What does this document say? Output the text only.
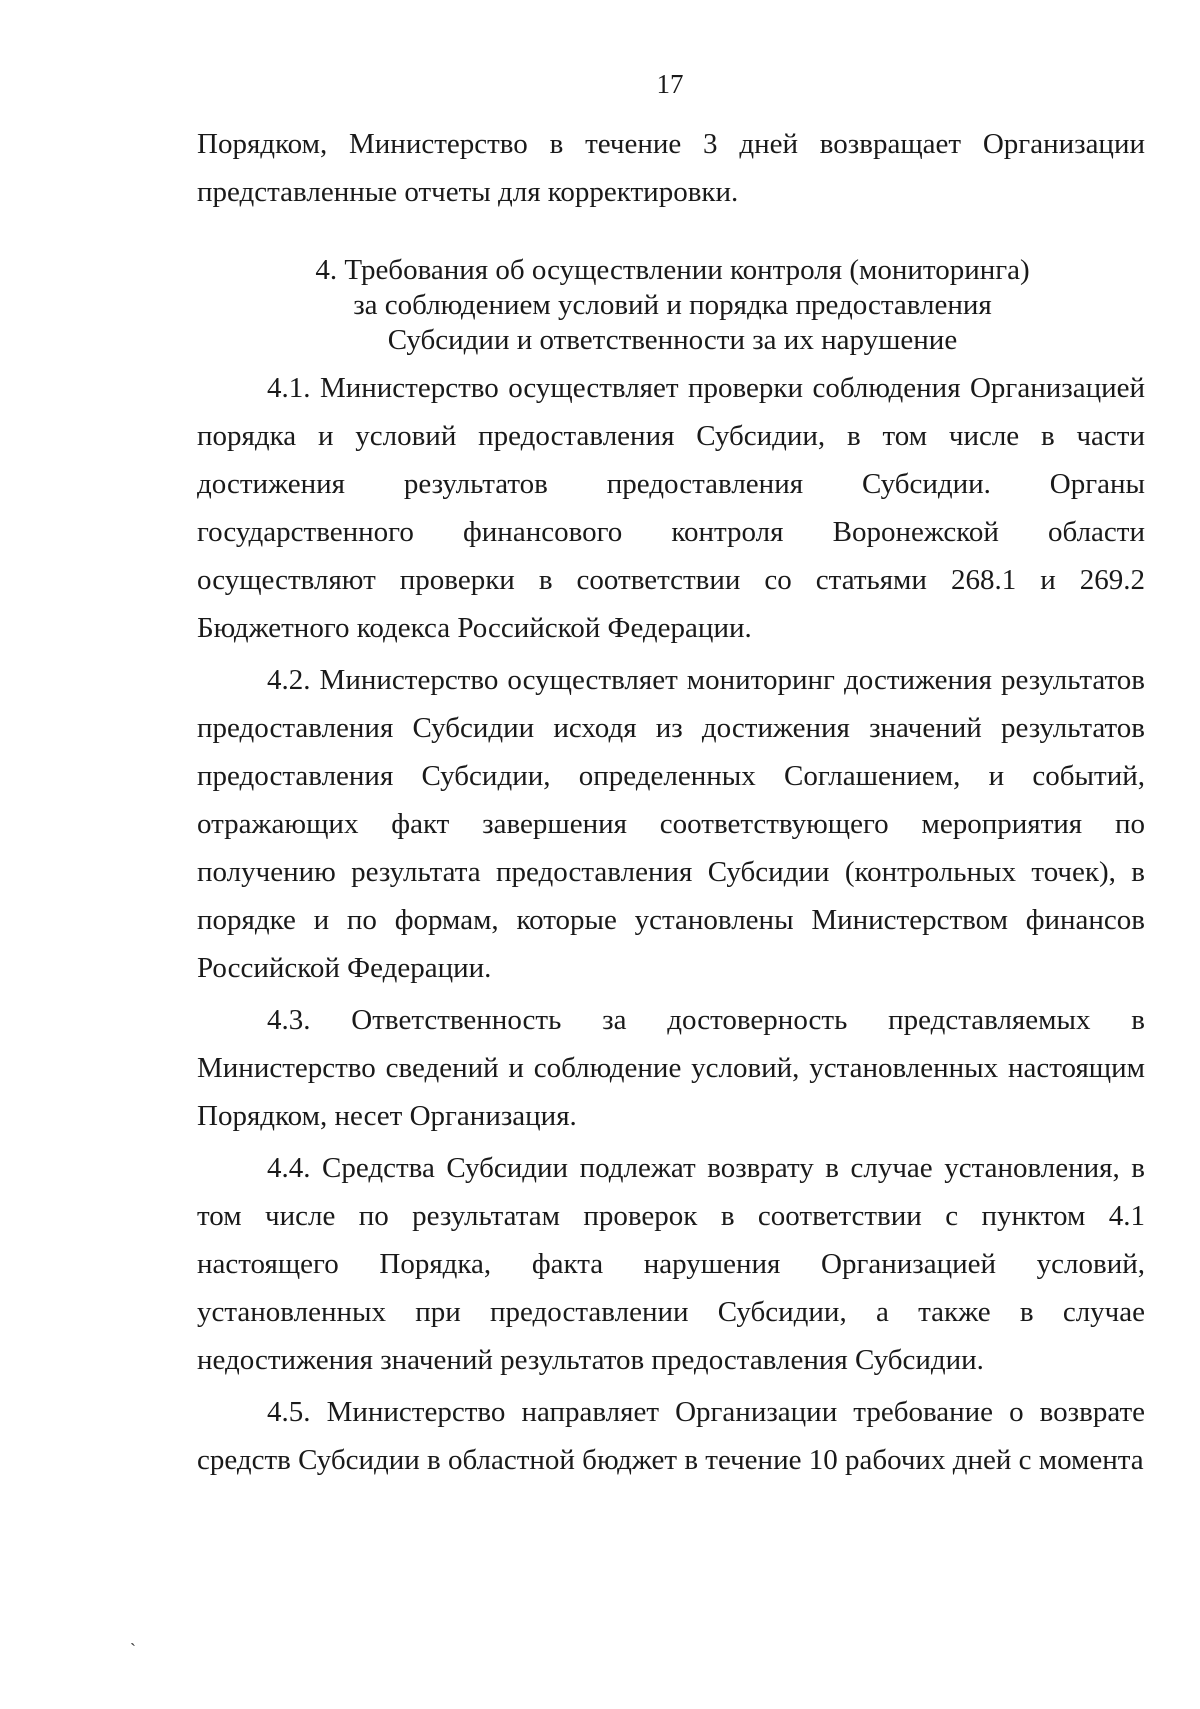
17

Порядком, Министерство в течение 3 дней возвращает Организации представленные отчеты для корректировки.

4. Требования об осуществлении контроля (мониторинга)
за соблюдением условий и порядка предоставления
Субсидии и ответственности за их нарушение

4.1. Министерство осуществляет проверки соблюдения Организацией порядка и условий предоставления Субсидии, в том числе в части достижения результатов предоставления Субсидии. Органы государственного финансового контроля Воронежской области осуществляют проверки в соответствии со статьями 268.1 и 269.2 Бюджетного кодекса Российской Федерации.

4.2. Министерство осуществляет мониторинг достижения результатов предоставления Субсидии исходя из достижения значений результатов предоставления Субсидии, определенных Соглашением, и событий, отражающих факт завершения соответствующего мероприятия по получению результата предоставления Субсидии (контрольных точек), в порядке и по формам, которые установлены Министерством финансов Российской Федерации.

4.3. Ответственность за достоверность представляемых в Министерство сведений и соблюдение условий, установленных настоящим Порядком, несет Организация.

4.4. Средства Субсидии подлежат возврату в случае установления, в том числе по результатам проверок в соответствии с пунктом 4.1 настоящего Порядка, факта нарушения Организацией условий, установленных при предоставлении Субсидии, а также в случае недостижения значений результатов предоставления Субсидии.

4.5. Министерство направляет Организации требование о возврате средств Субсидии в областной бюджет в течение 10 рабочих дней с момента

`
